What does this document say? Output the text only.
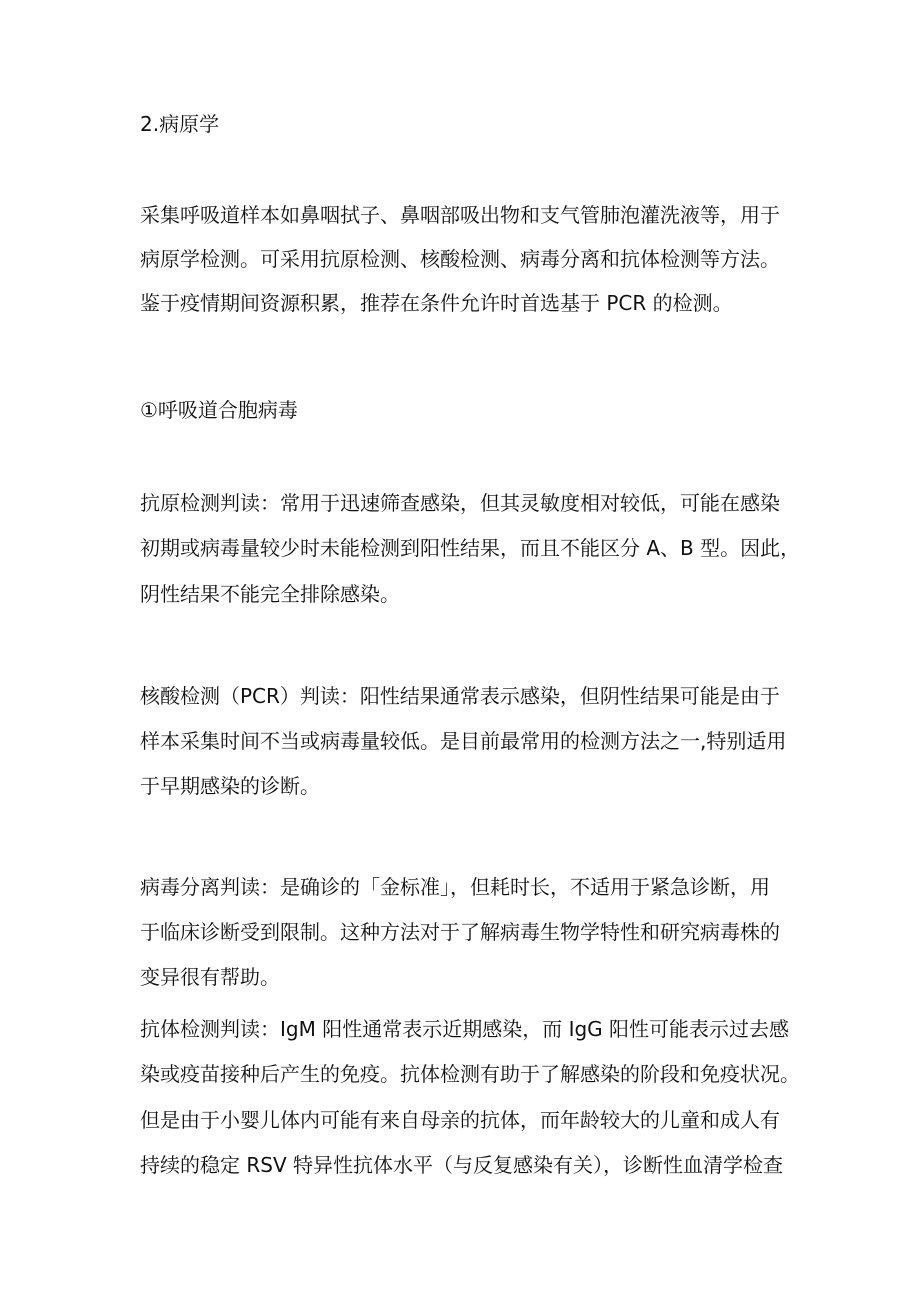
2.病原学
采集呼吸道样本如鼻咽拭子、鼻咽部吸出物和支气管肺泡灌洗液等，用于
病原学检测。可采用抗原检测、核酸检测、病毒分离和抗体检测等方法。
鉴于疫情期间资源积累，推荐在条件允许时首选基于 PCR 的检测。
①呼吸道合胞病毒
抗原检测判读：常用于迅速筛查感染，但其灵敏度相对较低，可能在感染
初期或病毒量较少时未能检测到阳性结果，而且不能区分 A、B 型。因此，
阴性结果不能完全排除感染。
核酸检测（PCR）判读：阳性结果通常表示感染，但阴性结果可能是由于
样本采集时间不当或病毒量较低。是目前最常用的检测方法之一,特别适用
于早期感染的诊断。
病毒分离判读：是确诊的「金标准」，但耗时长，不适用于紧急诊断，用
于临床诊断受到限制。这种方法对于了解病毒生物学特性和研究病毒株的
变异很有帮助。
抗体检测判读：IgM 阳性通常表示近期感染，而 IgG 阳性可能表示过去感
染或疫苗接种后产生的免疫。抗体检测有助于了解感染的阶段和免疫状况。
但是由于小婴儿体内可能有来自母亲的抗体，而年龄较大的儿童和成人有
持续的稳定 RSV 特异性抗体水平（与反复感染有关），诊断性血清学检查
